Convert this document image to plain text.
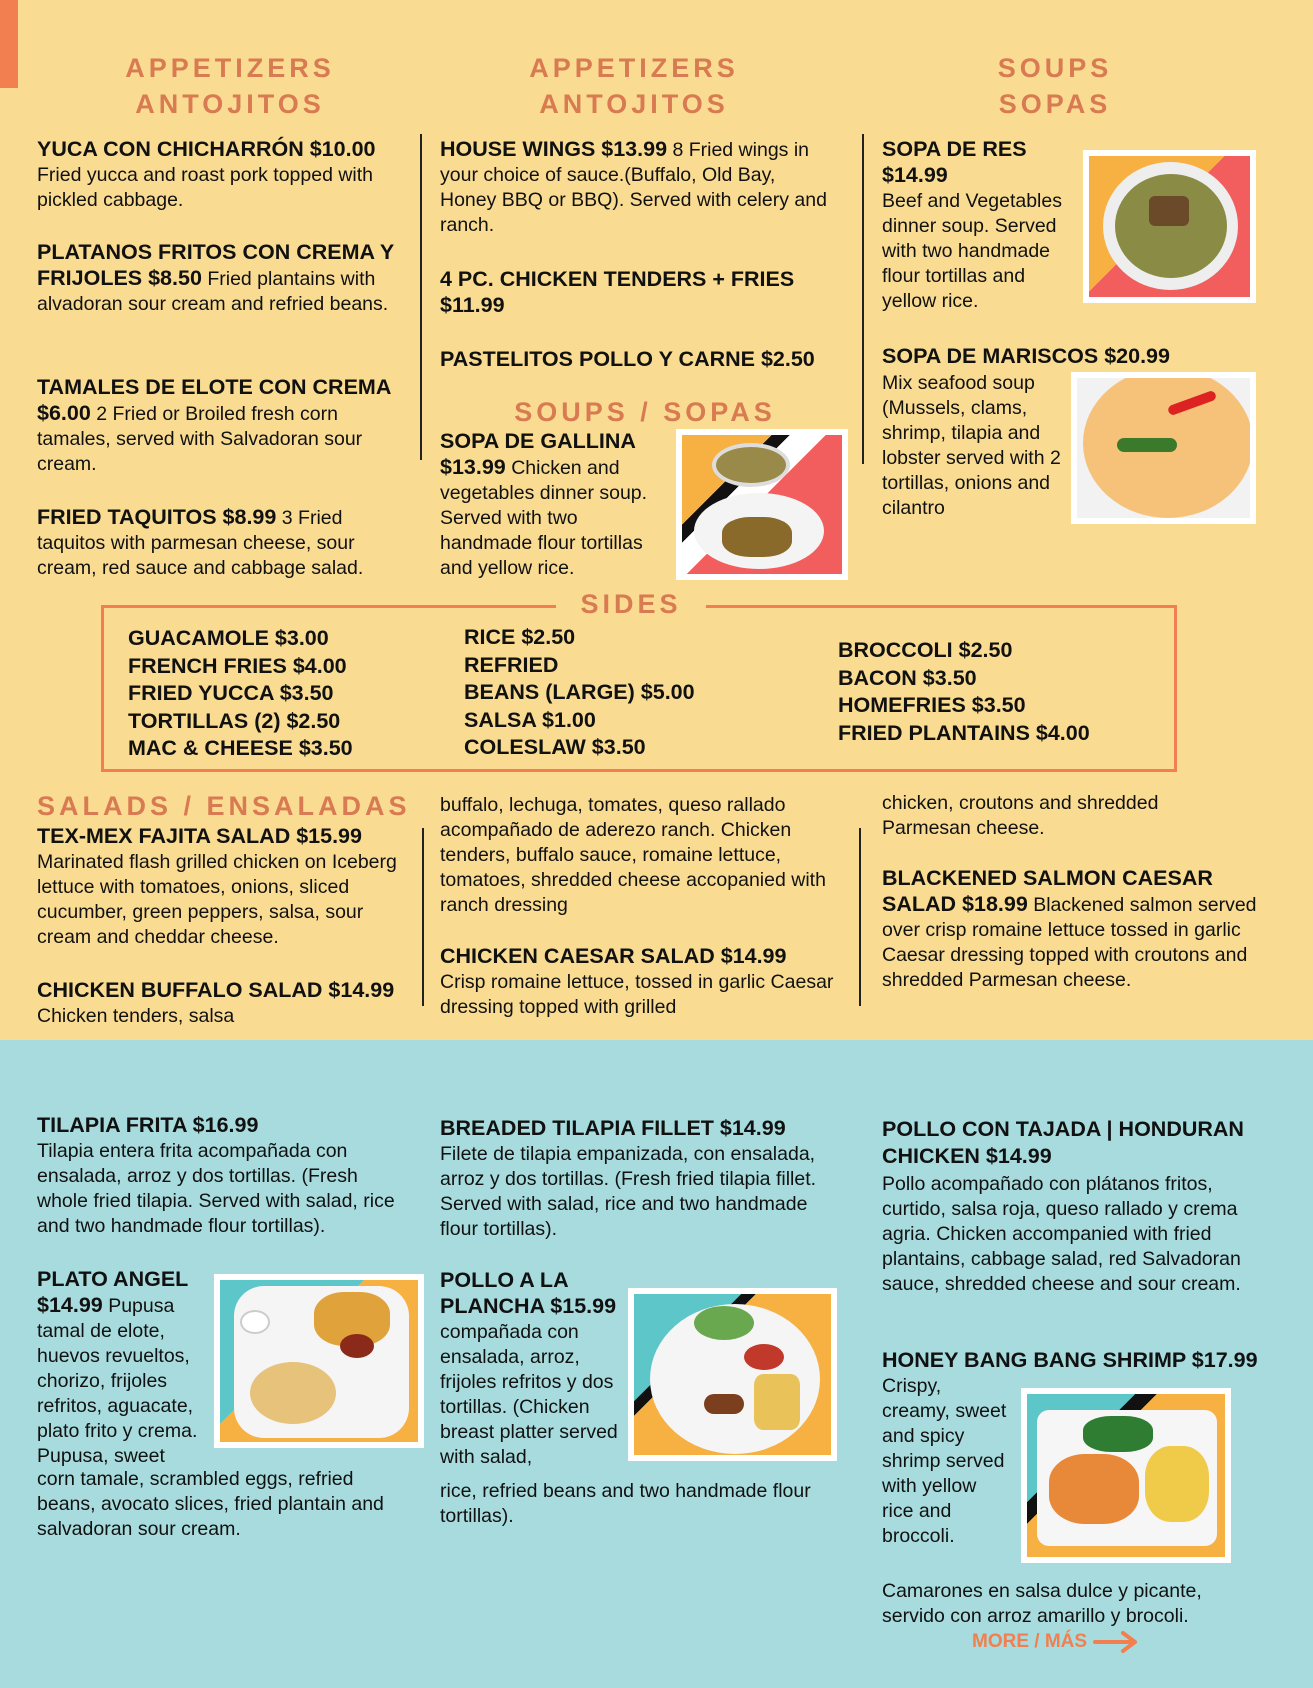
APPETIZERS
ANTOJITOS
APPETIZERS
ANTOJITOS
SOUPS
SOPAS
YUCA CON CHICHARRÓN $10.00
Fried yucca and roast pork topped with pickled cabbage.
PLATANOS FRITOS CON CREMA Y FRIJOLES $8.50 Fried plantains with alvadoran sour cream and refried beans.
TAMALES DE ELOTE CON CREMA $6.00 2 Fried or Broiled fresh corn tamales, served with Salvadoran sour cream.
FRIED TAQUITOS $8.99 3 Fried taquitos with parmesan cheese, sour cream, red sauce and cabbage salad.
HOUSE WINGS $13.99 8 Fried wings in your choice of sauce.(Buffalo, Old Bay, Honey BBQ or BBQ). Served with celery and ranch.
4 PC. CHICKEN TENDERS + FRIES $11.99
PASTELITOS POLLO Y CARNE $2.50
SOUPS / SOPAS
SOPA DE GALLINA $13.99 Chicken and vegetables dinner soup. Served with two handmade flour tortillas and yellow rice.
SOPA DE RES $14.99
Beef and Vegetables dinner soup. Served with two handmade flour tortillas and yellow rice.
SOPA DE MARISCOS $20.99
Mix seafood soup (Mussels, clams, shrimp, tilapia and lobster served with 2 tortillas, onions and cilantro
SIDES
GUACAMOLE $3.00
FRENCH FRIES $4.00
FRIED YUCCA $3.50
TORTILLAS (2) $2.50
MAC & CHEESE $3.50
RICE $2.50
REFRIED
BEANS (LARGE) $5.00
SALSA $1.00
COLESLAW $3.50
BROCCOLI $2.50
BACON $3.50
HOMEFRIES $3.50
FRIED PLANTAINS $4.00
SALADS / ENSALADAS
TEX-MEX FAJITA SALAD $15.99
Marinated flash grilled chicken on Iceberg lettuce with tomatoes, onions, sliced cucumber, green peppers, salsa, sour cream and cheddar cheese.
CHICKEN BUFFALO SALAD $14.99 Chicken tenders, salsa
buffalo, lechuga, tomates, queso rallado acompañado de aderezo ranch. Chicken tenders, buffalo sauce, romaine lettuce, tomatoes, shredded cheese accopanied with ranch dressing
CHICKEN CAESAR SALAD $14.99
Crisp romaine lettuce, tossed in garlic Caesar dressing topped with grilled
chicken, croutons and shredded Parmesan cheese.
BLACKENED SALMON CAESAR SALAD $18.99 Blackened salmon served over crisp romaine lettuce tossed in garlic Caesar dressing topped with croutons and shredded Parmesan cheese.
TILAPIA FRITA $16.99
Tilapia entera frita acompañada con ensalada, arroz y dos tortillas. (Fresh whole fried tilapia. Served with salad, rice and two handmade flour tortillas).
PLATO ANGEL $14.99 Pupusa tamal de elote, huevos revueltos, chorizo, frijoles refritos, aguacate, plato frito y crema. Pupusa, sweet
corn tamale, scrambled eggs, refried beans, avocato slices, fried plantain and salvadoran sour cream.
BREADED TILAPIA FILLET $14.99
Filete de tilapia empanizada, con ensalada, arroz y dos tortillas. (Fresh fried tilapia fillet. Served with salad, rice and two handmade flour tortillas).
POLLO A LA PLANCHA $15.99
compañada con ensalada, arroz, frijoles refritos y dos tortillas. (Chicken breast platter served with salad,
rice, refried beans and two handmade flour tortillas).
POLLO CON TAJADA | HONDURAN CHICKEN $14.99
Pollo acompañado con plátanos fritos, curtido, salsa roja, queso rallado y crema agria. Chicken accompanied with fried plantains, cabbage salad, red Salvadoran sauce, shredded cheese and sour cream.
HONEY BANG BANG SHRIMP $17.99
Crispy, creamy, sweet and spicy shrimp served with yellow rice and broccoli.
Camarones en salsa dulce y picante, servido con arroz amarillo y brocoli.
MORE / MÁS
